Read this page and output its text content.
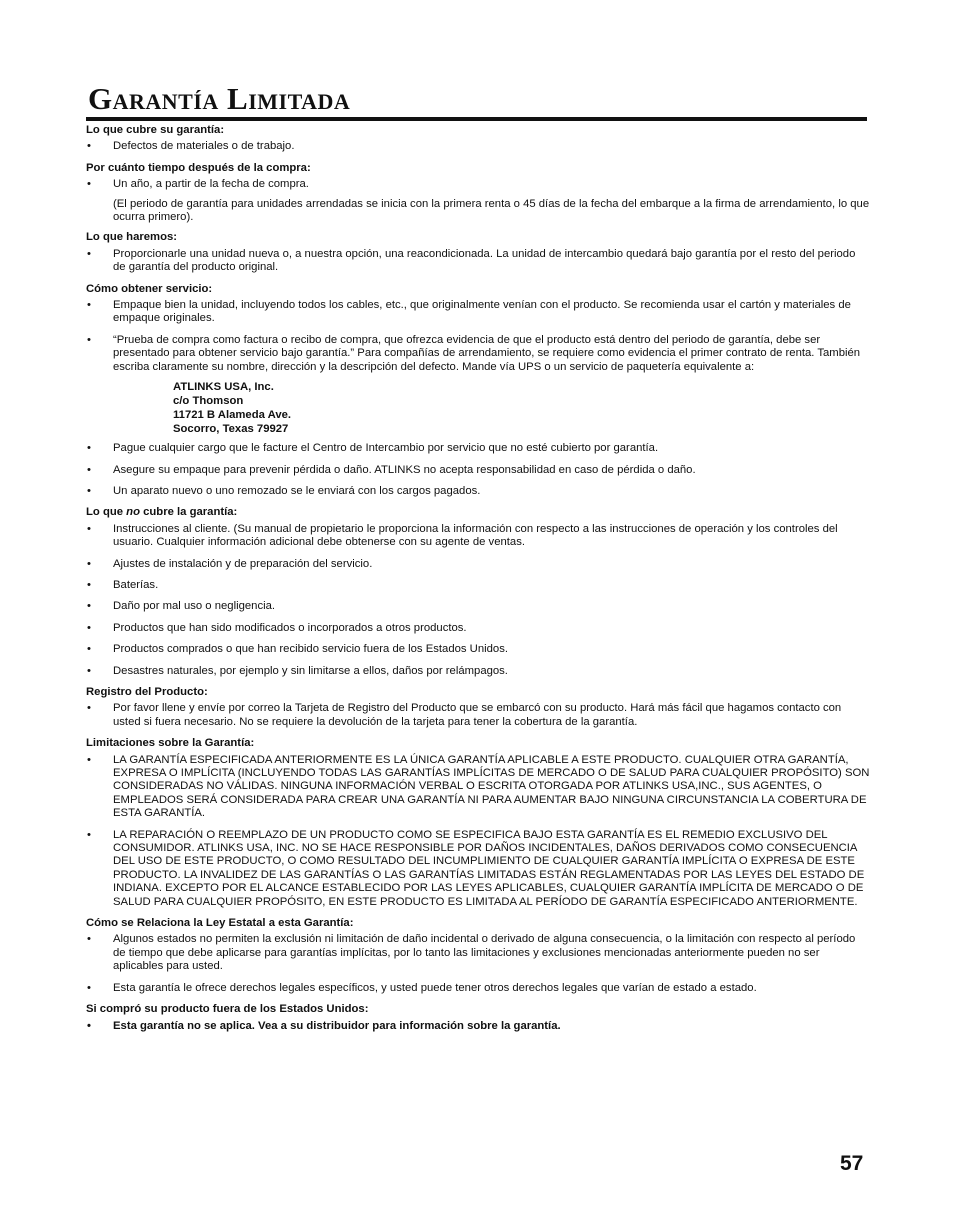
Garantía Limitada
Lo que cubre su garantía:
• Defectos de materiales o de trabajo.
Por cuánto tiempo después de la compra:
• Un año, a partir de la fecha de compra.
(El periodo de garantía para unidades arrendadas se inicia con la primera renta o 45 días de la fecha del embarque a la firma de arrendamiento, lo que ocurra primero).
Lo que haremos:
• Proporcionarle una unidad nueva o, a nuestra opción, una reacondicionada. La unidad de intercambio quedará bajo garantía por el resto del periodo de garantía del producto original.
Cómo obtener servicio:
• Empaque bien la unidad, incluyendo todos los cables, etc., que originalmente venían con el producto. Se recomienda usar el cartón y materiales de empaque originales.
• “Prueba de compra como factura o recibo de compra, que ofrezca evidencia de que el producto está dentro del periodo de garantía, debe ser presentado para obtener servicio bajo garantía.” Para compañías de arrendamiento, se requiere como evidencia el primer contrato de renta. También escriba claramente su nombre, dirección y la descripción del defecto. Mande vía UPS o un servicio de paquetería equivalente a:
ATLINKS USA, Inc.
c/o Thomson
11721 B Alameda Ave.
Socorro, Texas 79927
• Pague cualquier cargo que le facture el Centro de Intercambio por servicio que no esté cubierto por garantía.
• Asegure su empaque para prevenir pérdida o daño. ATLINKS no acepta responsabilidad en caso de pérdida o daño.
• Un aparato nuevo o uno remozado se le enviará con los cargos pagados.
Lo que no cubre la garantía:
• Instrucciones al cliente. (Su manual de propietario le proporciona la información con respecto a las instrucciones de operación y los controles del usuario. Cualquier información adicional debe obtenerse con su agente de ventas.
• Ajustes de instalación y de preparación del servicio.
• Baterías.
• Daño por mal uso o negligencia.
• Productos que han sido modificados o incorporados a otros productos.
• Productos comprados o que han recibido servicio fuera de los Estados Unidos.
• Desastres naturales, por ejemplo y sin limitarse a ellos, daños por relámpagos.
Registro del Producto:
• Por favor llene y envíe por correo la Tarjeta de Registro del Producto que se embarcó con su producto. Hará más fácil que hagamos contacto con usted si fuera necesario. No se requiere la devolución de la tarjeta para tener la cobertura de la garantía.
Limitaciones sobre la Garantía:
• LA GARANTÍA ESPECIFICADA ANTERIORMENTE ES LA ÚNICA GARANTÍA APLICABLE A ESTE PRODUCTO. CUALQUIER OTRA GARANTÍA, EXPRESA O IMPLÍCITA (INCLUYENDO TODAS LAS GARANTÍAS IMPLÍCITAS DE MERCADO O DE SALUD PARA CUALQUIER PROPÓSITO) SON CONSIDERADAS NO VÁLIDAS. NINGUNA INFORMACIÓN VERBAL O ESCRITA OTORGADA POR ATLINKS USA,INC., SUS AGENTES, O EMPLEADOS SERÁ CONSIDERADA PARA CREAR UNA GARANTÍA NI PARA AUMENTAR BAJO NINGUNA CIRCUNSTANCIA LA COBERTURA DE ESTA GARANTÍA.
• LA REPARACIÓN O REEMPLAZO DE UN PRODUCTO COMO SE ESPECIFICA BAJO ESTA GARANTÍA ES EL REMEDIO EXCLUSIVO DEL CONSUMIDOR. ATLINKS USA, INC. NO SE HACE RESPONSIBLE POR DAÑOS INCIDENTALES, DAÑOS DERIVADOS COMO CONSECUENCIA DEL USO DE ESTE PRODUCTO, O COMO RESULTADO DEL INCUMPLIMIENTO DE CUALQUIER GARANTÍA IMPLÍCITA O EXPRESA DE ESTE PRODUCTO. LA INVALIDEZ DE LAS GARANTÍAS O LAS GARANTÍAS LIMITADAS ESTÁN REGLAMENTADAS POR LAS LEYES DEL ESTADO DE INDIANA. EXCEPTO POR EL ALCANCE ESTABLECIDO POR LAS LEYES APLICABLES, CUALQUIER GARANTÍA IMPLÍCITA DE MERCADO O DE SALUD PARA CUALQUIER PROPÓSITO, EN ESTE PRODUCTO ES LIMITADA AL PERÍODO DE GARANTÍA ESPECIFICADO ANTERIORMENTE.
Cómo se Relaciona la Ley Estatal a esta Garantía:
• Algunos estados no permiten la exclusión ni limitación de daño incidental o derivado de alguna consecuencia, o la limitación con respecto al período de tiempo que debe aplicarse para garantías implícitas, por lo tanto las limitaciones y exclusiones mencionadas anteriormente pueden no ser aplicables para usted.
• Esta garantía le ofrece derechos legales específicos, y usted puede tener otros derechos legales que varían de estado a estado.
Si compró su producto fuera de los Estados Unidos:
• Esta garantía no se aplica. Vea a su distribuidor para información sobre la garantía.
57
